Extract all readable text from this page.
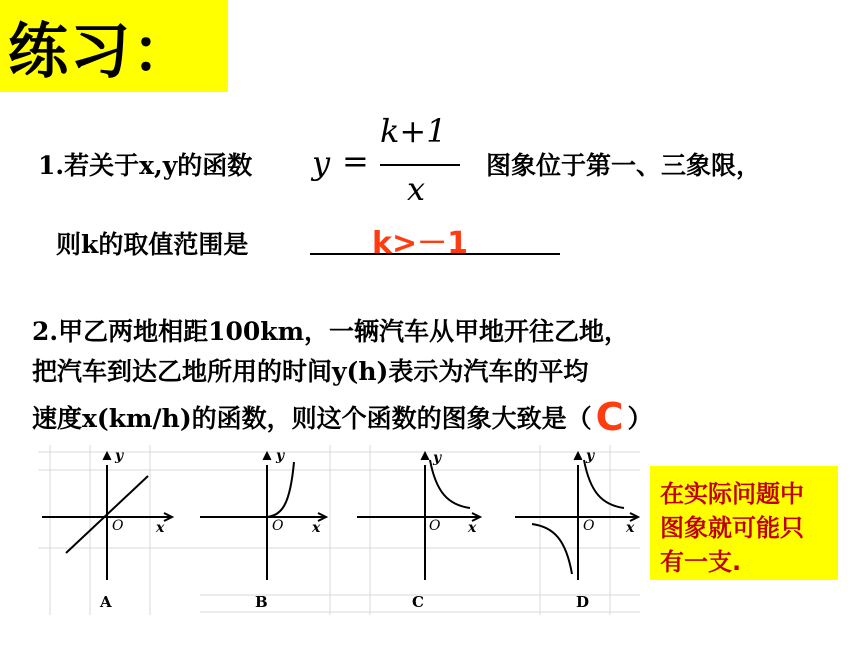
练习：
1.若关于x,y的函数 y =
k+1
x
图象位于第一、三象限，
则k的取值范围是	k>－1
2.甲乙两地相距100km，一辆汽车从甲地开往乙地，
把汽车到达乙地所用的时间y(h)表示为汽车的平均
速度x(km/h)的函数，则这个函数的图象大致是（ C ）
y
O x
A
y
O x
B
y
O x
C
y
O x
D
在实际问题中
图象就可能只
有一支.
